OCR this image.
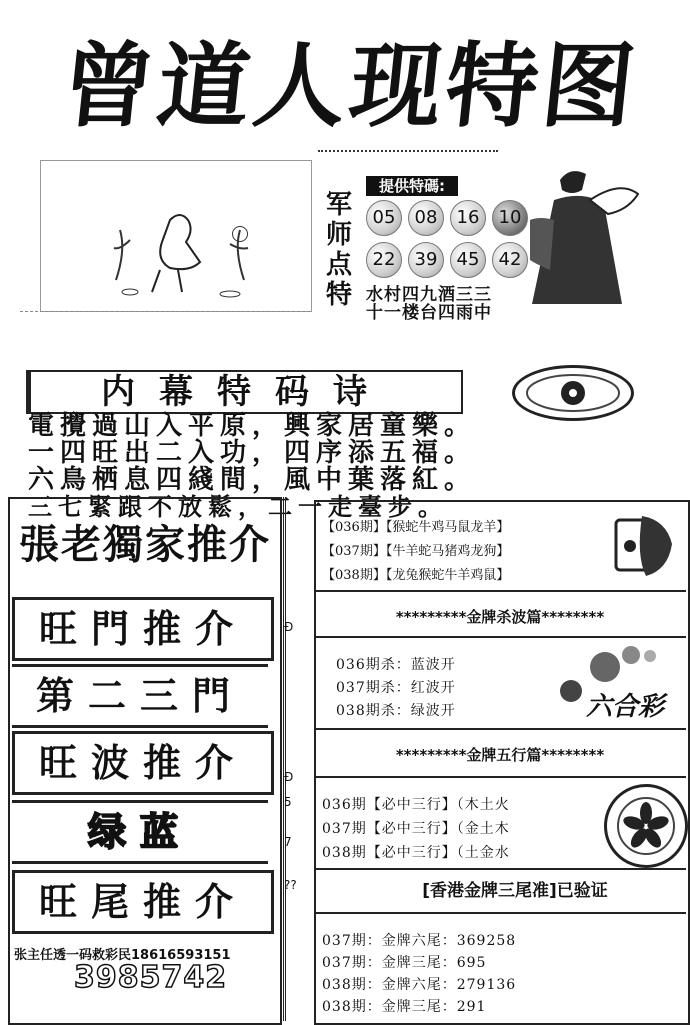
曾道人现特图
提供特碼:
军
师
点
特
05	08	16	10
22	39	45	42
水村四九酒三三
十一楼台四雨中
内幕特码诗
電攪過山入平原，興家居童樂。
一四旺出二入功，四序添五福。
六鳥栖息四綫間，風中葉落紅。
三七緊跟不放鬆，二一走臺步。
張老獨家推介
旺門推介
第二三門
旺波推介
绿蓝
旺尾推介
张主任透一码救彩民18616593151
3985742
Đ
Đ
5
7
??
【036期】【猴蛇牛鸡马鼠龙羊】
【037期】【牛羊蛇马猪鸡龙狗】
【038期】【龙兔猴蛇牛羊鸡鼠】
*********金牌杀波篇********
036期杀：蓝波开
037期杀：红波开
038期杀：绿波开	六合彩
*********金牌五行篇********
036期【必中三行】（木土火
037期【必中三行】（金土木
038期【必中三行】（土金水
[香港金牌三尾准]已验证
037期：金牌六尾：369258
037期：金牌三尾：695
038期：金牌六尾：279136
038期：金牌三尾：291
